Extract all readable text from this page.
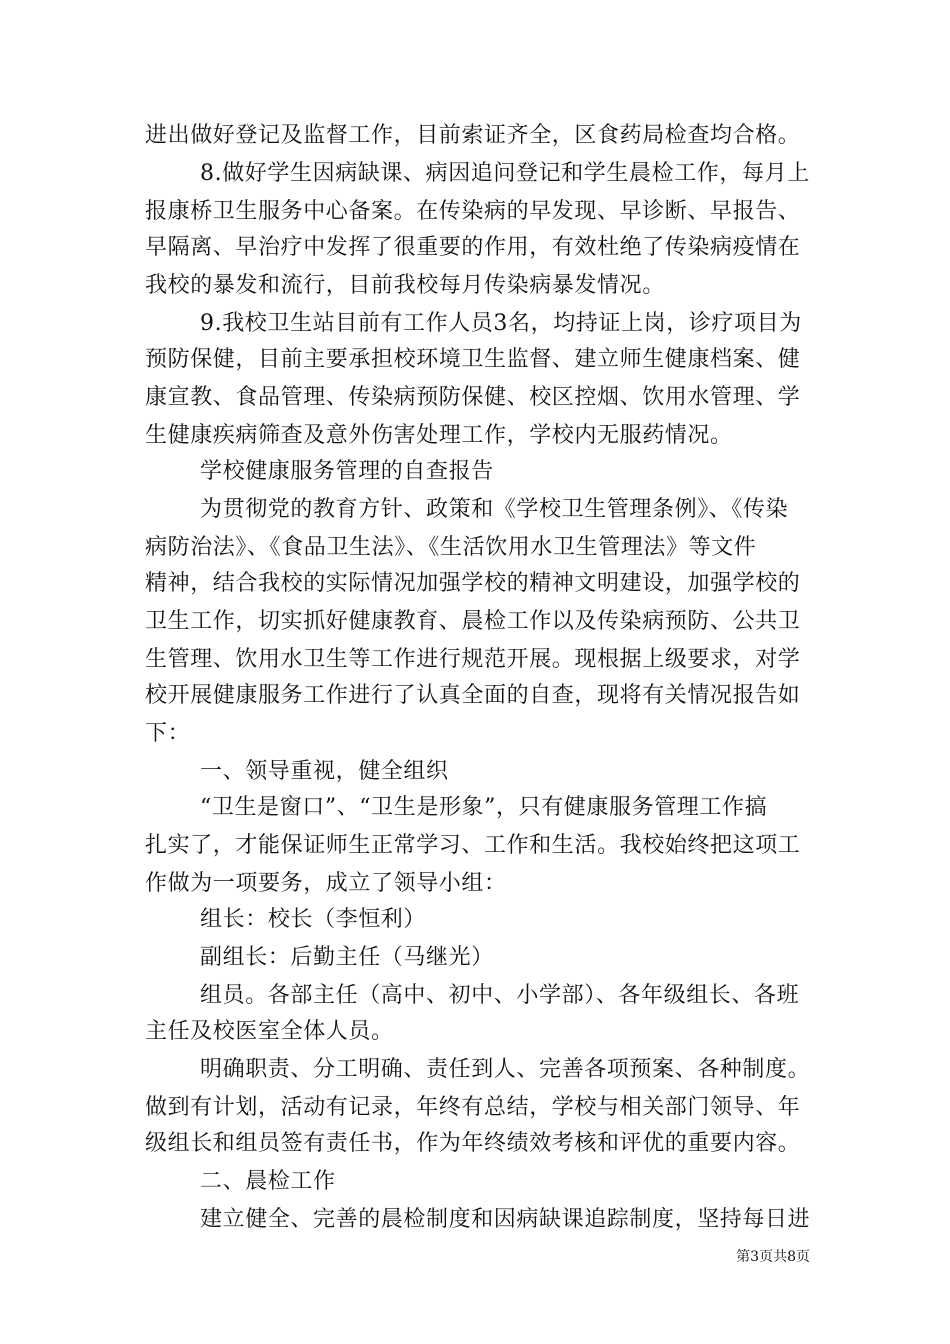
进出做好登记及监督工作，目前索证齐全，区食药局检查均合格。
8.做好学生因病缺课、病因追问登记和学生晨检工作，每月上
报康桥卫生服务中心备案。在传染病的早发现、早诊断、早报告、
早隔离、早治疗中发挥了很重要的作用，有效杜绝了传染病疫情在
我校的暴发和流行，目前我校每月传染病暴发情况。
9.我校卫生站目前有工作人员3名，均持证上岗，诊疗项目为
预防保健，目前主要承担校环境卫生监督、建立师生健康档案、健
康宣教、食品管理、传染病预防保健、校区控烟、饮用水管理、学
生健康疾病筛查及意外伤害处理工作，学校内无服药情况。
学校健康服务管理的自查报告
为贯彻党的教育方针、政策和《学校卫生管理条例》、《传染
病防治法》、《食品卫生法》、《生活饮用水卫生管理法》等文件
精神，结合我校的实际情况加强学校的精神文明建设，加强学校的
卫生工作，切实抓好健康教育、晨检工作以及传染病预防、公共卫
生管理、饮用水卫生等工作进行规范开展。现根据上级要求，对学
校开展健康服务工作进行了认真全面的自查，现将有关情况报告如
下：
一、领导重视，健全组织
“卫生是窗口”、“卫生是形象”，只有健康服务管理工作搞
扎实了，才能保证师生正常学习、工作和生活。我校始终把这项工
作做为一项要务，成立了领导小组：
组长：校长（李恒利）
副组长：后勤主任（马继光）
组员。各部主任（高中、初中、小学部）、各年级组长、各班
主任及校医室全体人员。
明确职责、分工明确、责任到人、完善各项预案、各种制度。
做到有计划，活动有记录，年终有总结，学校与相关部门领导、年
级组长和组员签有责任书，作为年终绩效考核和评优的重要内容。
二、晨检工作
建立健全、完善的晨检制度和因病缺课追踪制度，坚持每日进
第3页共8页
